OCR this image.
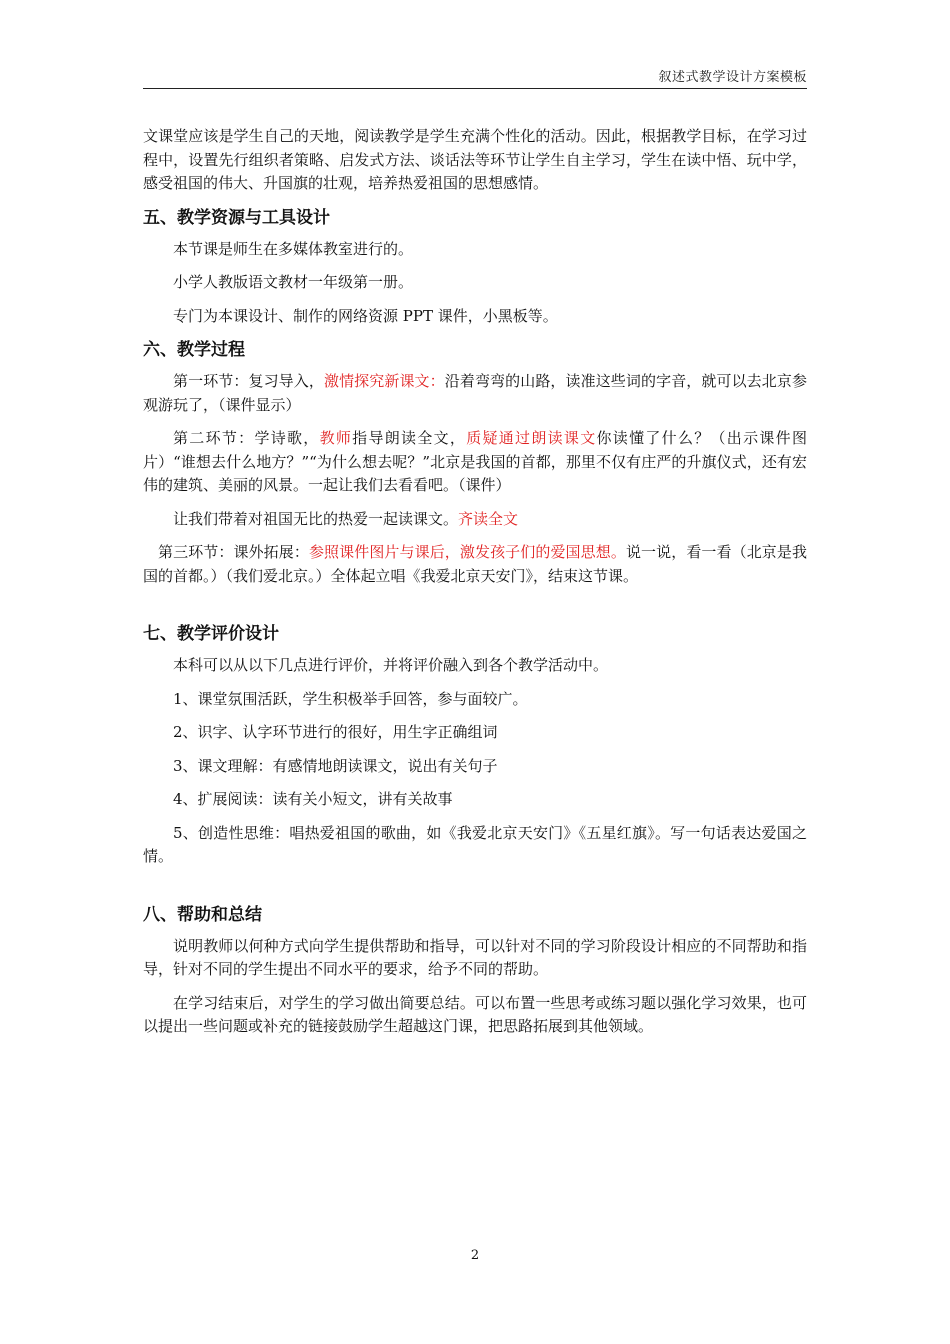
叙述式教学设计方案模板

文课堂应该是学生自己的天地，阅读教学是学生充满个性化的活动。因此，根据教学目标，在学习过程中，设置先行组织者策略、启发式方法、谈话法等环节让学生自主学习，学生在读中悟、玩中学，感受祖国的伟大、升国旗的壮观，培养热爱祖国的思想感情。

五、教学资源与工具设计

本节课是师生在多媒体教室进行的。

小学人教版语文教材一年级第一册。

专门为本课设计、制作的网络资源 PPT 课件，小黑板等。

六、教学过程

第一环节：复习导入，激情探究新课文：沿着弯弯的山路，读准这些词的字音，就可以去北京参观游玩了，（课件显示）

第二环节：学诗歌，教师指导朗读全文，质疑通过朗读课文你读懂了什么？（出示课件图片）“谁想去什么地方？”“为什么想去呢？”北京是我国的首都，那里不仅有庄严的升旗仪式，还有宏伟的建筑、美丽的风景。一起让我们去看看吧。（课件）

让我们带着对祖国无比的热爱一起读课文。齐读全文

第三环节：课外拓展：参照课件图片与课后，激发孩子们的爱国思想。说一说，看一看（北京是我国的首都。）（我们爱北京。）全体起立唱《我爱北京天安门》，结束这节课。

七、教学评价设计

本科可以从以下几点进行评价，并将评价融入到各个教学活动中。

1、课堂氛围活跃，学生积极举手回答，参与面较广。

2、识字、认字环节进行的很好，用生字正确组词

3、课文理解：有感情地朗读课文，说出有关句子

4、扩展阅读：读有关小短文，讲有关故事

5、创造性思维：唱热爱祖国的歌曲，如《我爱北京天安门》《五星红旗》。写一句话表达爱国之情。

八、帮助和总结

说明教师以何种方式向学生提供帮助和指导，可以针对不同的学习阶段设计相应的不同帮助和指导，针对不同的学生提出不同水平的要求，给予不同的帮助。

在学习结束后，对学生的学习做出简要总结。可以布置一些思考或练习题以强化学习效果，也可以提出一些问题或补充的链接鼓励学生超越这门课，把思路拓展到其他领域。

2
